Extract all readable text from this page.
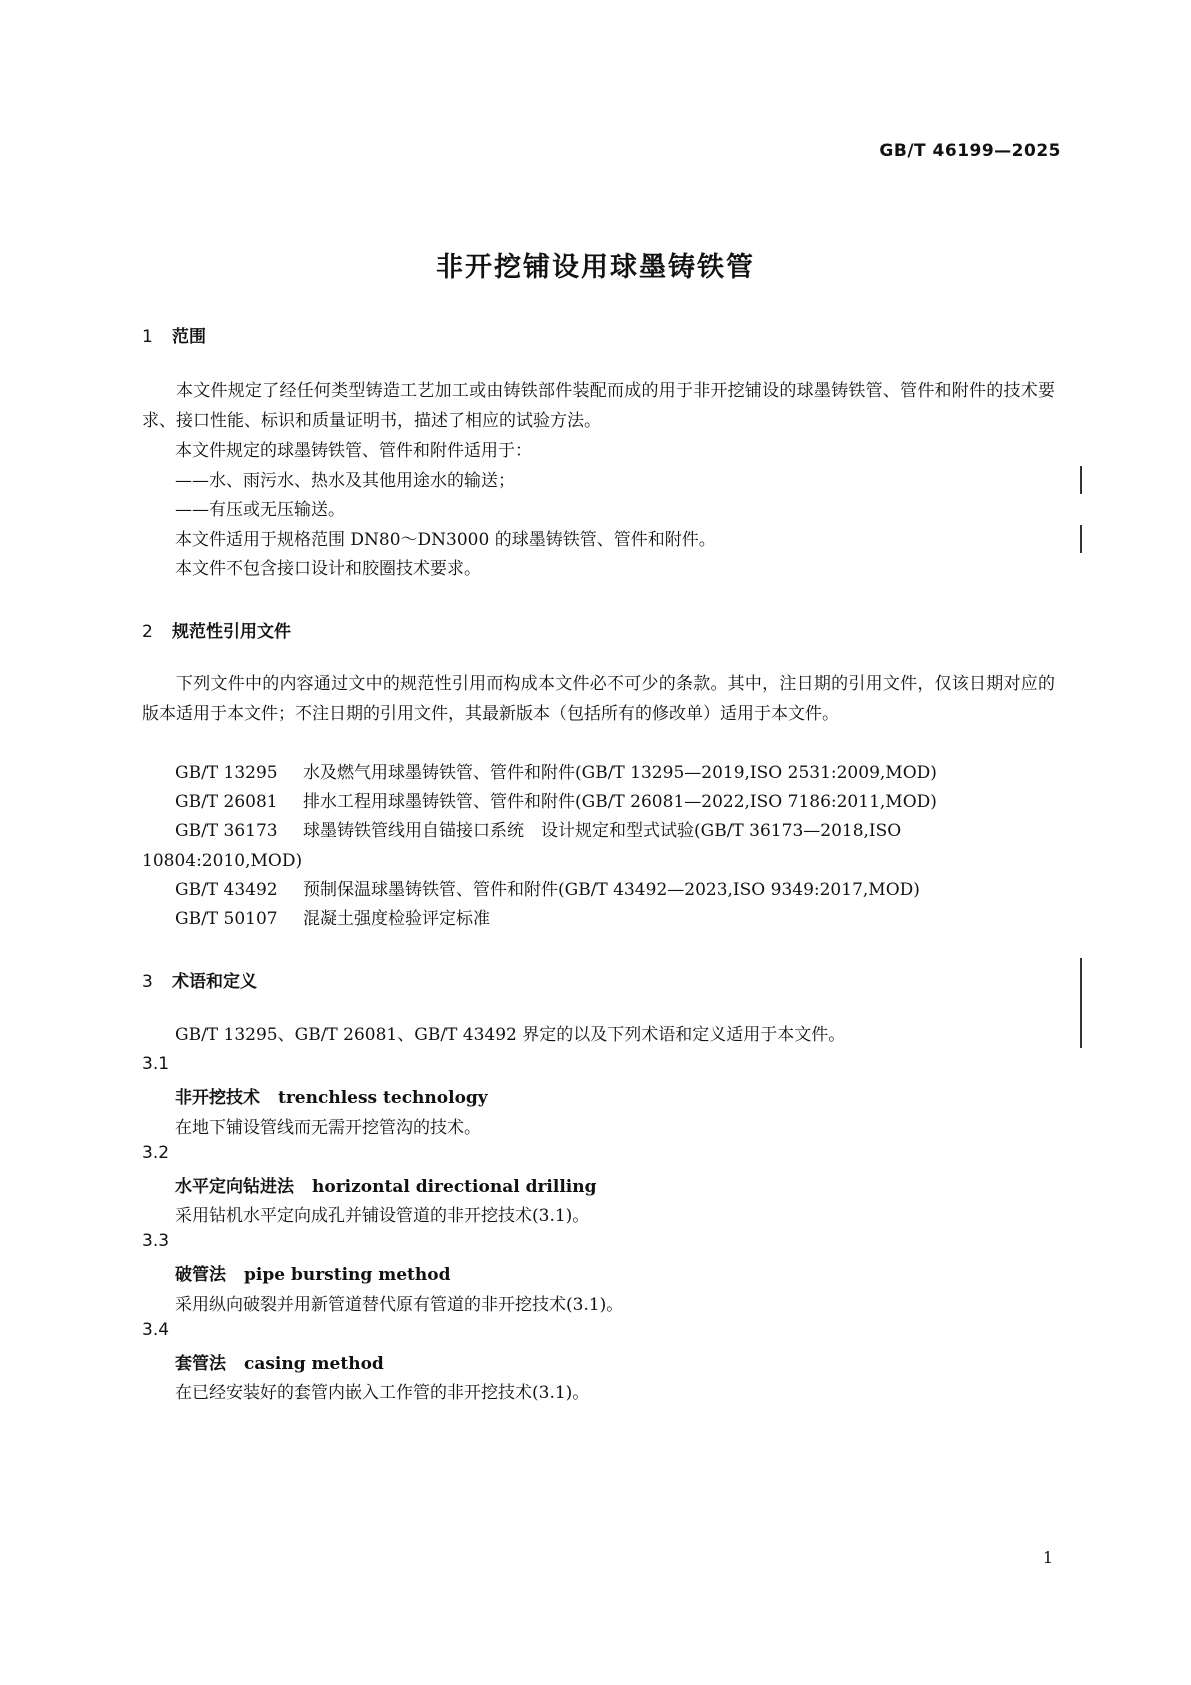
GB/T 46199—2025
非开挖铺设用球墨铸铁管
1 范围
本文件规定了经任何类型铸造工艺加工或由铸铁部件装配而成的用于非开挖铺设的球墨铸铁管、管件和附件的技术要求、接口性能、标识和质量证明书，描述了相应的试验方法。
本文件规定的球墨铸铁管、管件和附件适用于：
——水、雨污水、热水及其他用途水的输送；
——有压或无压输送。
本文件适用于规格范围 DN80～DN3000 的球墨铸铁管、管件和附件。
本文件不包含接口设计和胶圈技术要求。
2 规范性引用文件
下列文件中的内容通过文中的规范性引用而构成本文件必不可少的条款。其中，注日期的引用文件，仅该日期对应的版本适用于本文件；不注日期的引用文件，其最新版本（包括所有的修改单）适用于本文件。
GB/T 13295 水及燃气用球墨铸铁管、管件和附件(GB/T 13295—2019,ISO 2531:2009,MOD)
GB/T 26081 排水工程用球墨铸铁管、管件和附件(GB/T 26081—2022,ISO 7186:2011,MOD)
GB/T 36173 球墨铸铁管线用自锚接口系统　设计规定和型式试验(GB/T 36173—2018,ISO 10804:2010,MOD)
GB/T 43492 预制保温球墨铸铁管、管件和附件(GB/T 43492—2023,ISO 9349:2017,MOD)
GB/T 50107 混凝土强度检验评定标准
3 术语和定义
GB/T 13295、GB/T 26081、GB/T 43492 界定的以及下列术语和定义适用于本文件。
3.1
非开挖技术 trenchless technology
在地下铺设管线而无需开挖管沟的技术。
3.2
水平定向钻进法 horizontal directional drilling
采用钻机水平定向成孔并铺设管道的非开挖技术(3.1)。
3.3
破管法 pipe bursting method
采用纵向破裂并用新管道替代原有管道的非开挖技术(3.1)。
3.4
套管法 casing method
在已经安装好的套管内嵌入工作管的非开挖技术(3.1)。
1
